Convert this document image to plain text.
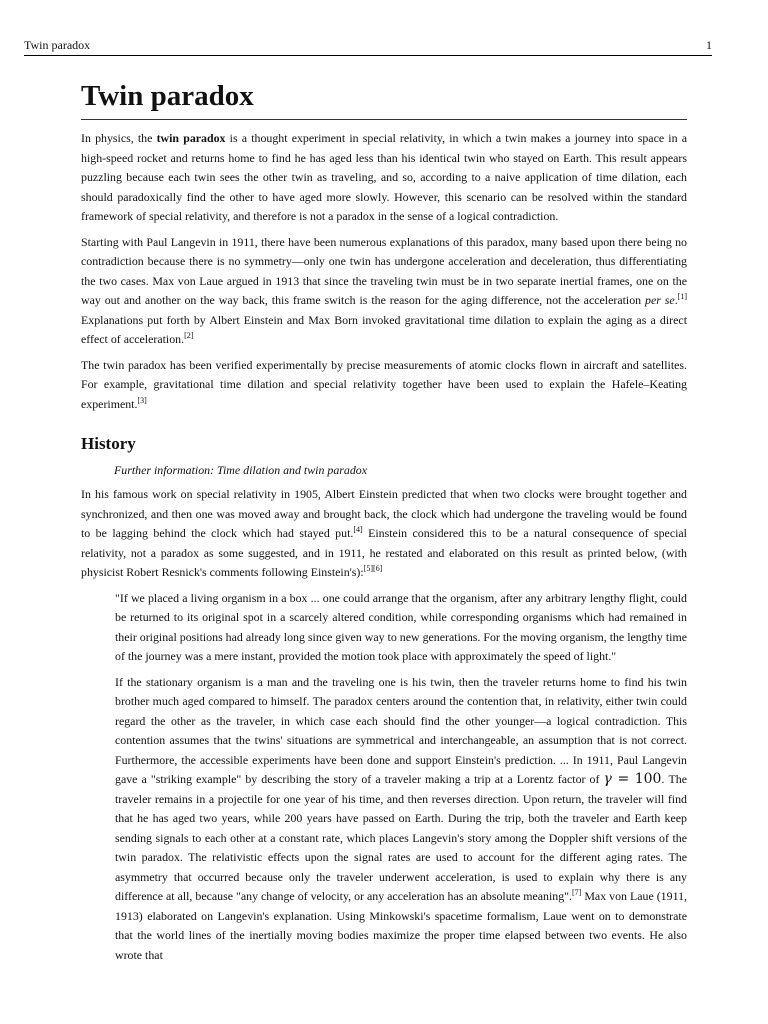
Twin paradox	1
Twin paradox

In physics, the twin paradox is a thought experiment in special relativity, in which a twin makes a journey into space in a high-speed rocket and returns home to find he has aged less than his identical twin who stayed on Earth. This result appears puzzling because each twin sees the other twin as traveling, and so, according to a naive application of time dilation, each should paradoxically find the other to have aged more slowly. However, this scenario can be resolved within the standard framework of special relativity, and therefore is not a paradox in the sense of a logical contradiction.

Starting with Paul Langevin in 1911, there have been numerous explanations of this paradox, many based upon there being no contradiction because there is no symmetry—only one twin has undergone acceleration and deceleration, thus differentiating the two cases. Max von Laue argued in 1913 that since the traveling twin must be in two separate inertial frames, one on the way out and another on the way back, this frame switch is the reason for the aging difference, not the acceleration per se.[1] Explanations put forth by Albert Einstein and Max Born invoked gravitational time dilation to explain the aging as a direct effect of acceleration.[2]

The twin paradox has been verified experimentally by precise measurements of atomic clocks flown in aircraft and satellites. For example, gravitational time dilation and special relativity together have been used to explain the Hafele–Keating experiment.[3]

History
Further information: Time dilation and twin paradox

In his famous work on special relativity in 1905, Albert Einstein predicted that when two clocks were brought together and synchronized, and then one was moved away and brought back, the clock which had undergone the traveling would be found to be lagging behind the clock which had stayed put.[4] Einstein considered this to be a natural consequence of special relativity, not a paradox as some suggested, and in 1911, he restated and elaborated on this result as printed below, (with physicist Robert Resnick's comments following Einstein's):[5][6]

"If we placed a living organism in a box ... one could arrange that the organism, after any arbitrary lengthy flight, could be returned to its original spot in a scarcely altered condition, while corresponding organisms which had remained in their original positions had already long since given way to new generations. For the moving organism, the lengthy time of the journey was a mere instant, provided the motion took place with approximately the speed of light."

If the stationary organism is a man and the traveling one is his twin, then the traveler returns home to find his twin brother much aged compared to himself. The paradox centers around the contention that, in relativity, either twin could regard the other as the traveler, in which case each should find the other younger—a logical contradiction. This contention assumes that the twins' situations are symmetrical and interchangeable, an assumption that is not correct. Furthermore, the accessible experiments have been done and support Einstein's prediction. ... In 1911, Paul Langevin gave a "striking example" by describing the story of a traveler making a trip at a Lorentz factor of γ = 100. The traveler remains in a projectile for one year of his time, and then reverses direction. Upon return, the traveler will find that he has aged two years, while 200 years have passed on Earth. During the trip, both the traveler and Earth keep sending signals to each other at a constant rate, which places Langevin's story among the Doppler shift versions of the twin paradox. The relativistic effects upon the signal rates are used to account for the different aging rates. The asymmetry that occurred because only the traveler underwent acceleration, is used to explain why there is any difference at all, because "any change of velocity, or any acceleration has an absolute meaning".[7] Max von Laue (1911, 1913) elaborated on Langevin's explanation. Using Minkowski's spacetime formalism, Laue went on to demonstrate that the world lines of the inertially moving bodies maximize the proper time elapsed between two events. He also wrote that
